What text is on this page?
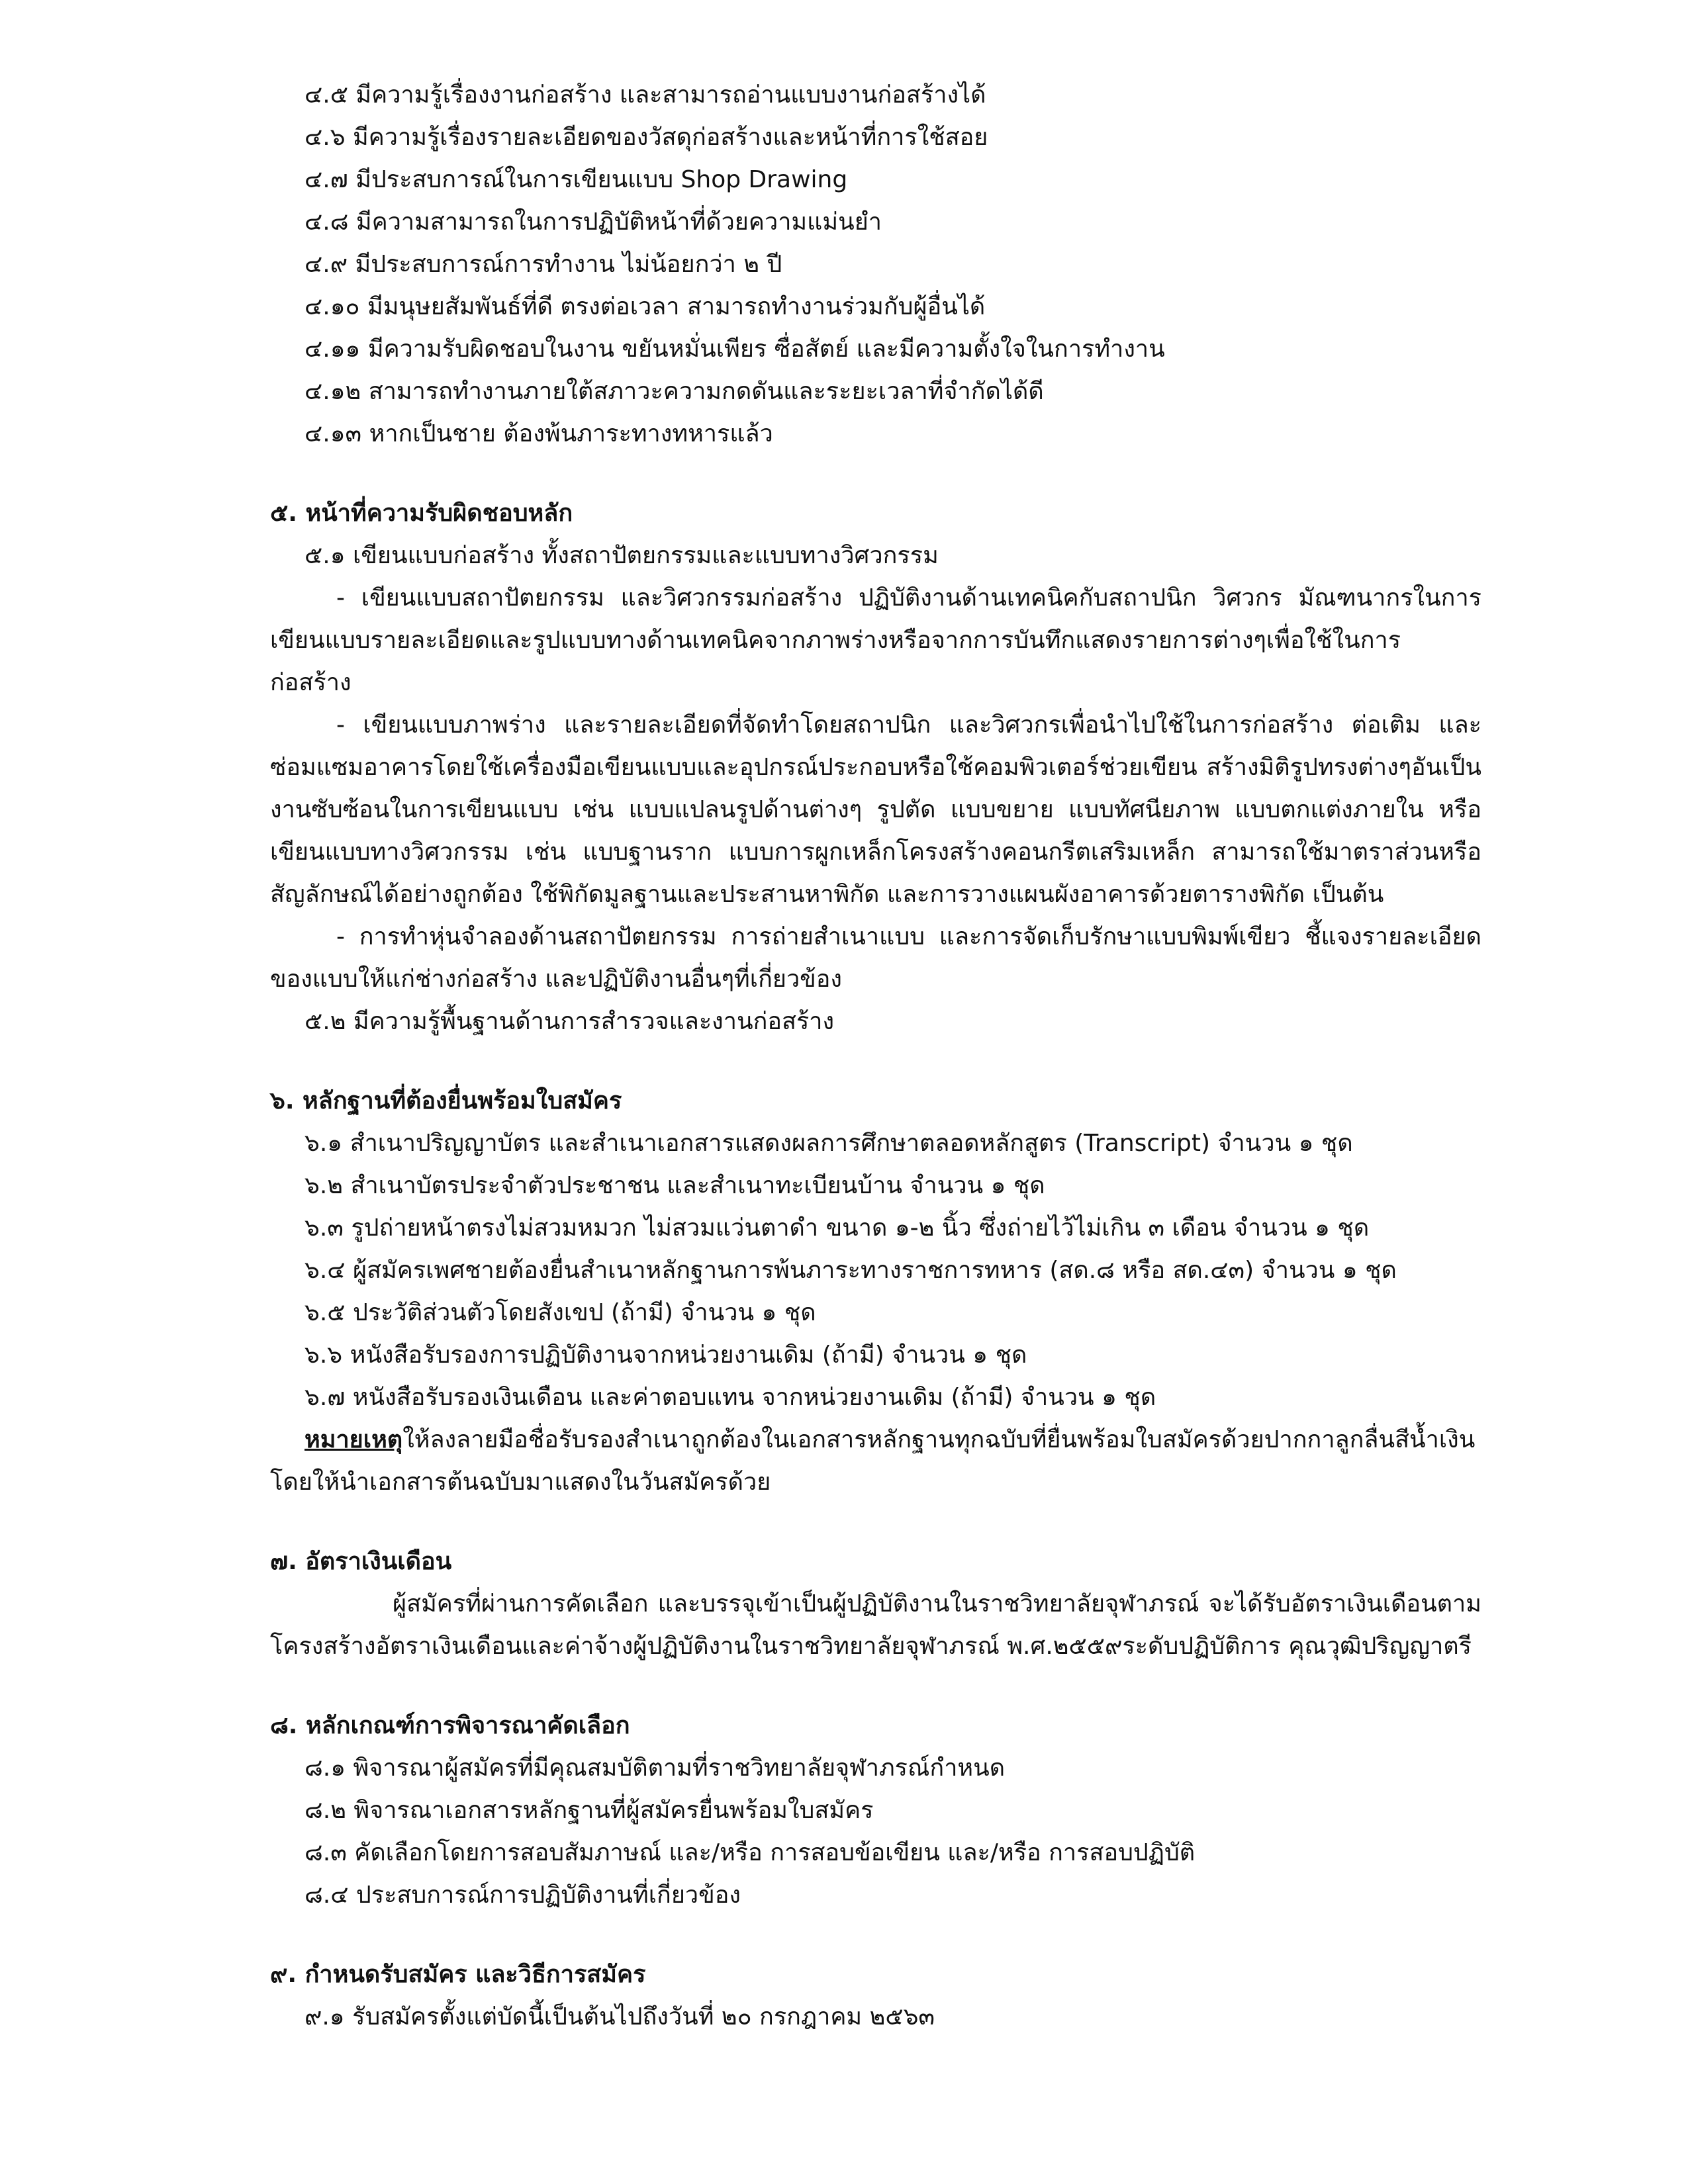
๔.๕ มีความรู้เรื่องงานก่อสร้าง และสามารถอ่านแบบงานก่อสร้างได้
๔.๖ มีความรู้เรื่องรายละเอียดของวัสดุก่อสร้างและหน้าที่การใช้สอย
๔.๗ มีประสบการณ์ในการเขียนแบบ Shop Drawing
๔.๘ มีความสามารถในการปฏิบัติหน้าที่ด้วยความแม่นยำ
๔.๙ มีประสบการณ์การทำงาน ไม่น้อยกว่า ๒ ปี
๔.๑๐ มีมนุษยสัมพันธ์ที่ดี ตรงต่อเวลา สามารถทำงานร่วมกับผู้อื่นได้
๔.๑๑ มีความรับผิดชอบในงาน ขยันหมั่นเพียร ซื่อสัตย์ และมีความตั้งใจในการทำงาน
๔.๑๒ สามารถทำงานภายใต้สภาวะความกดดันและระยะเวลาที่จำกัดได้ดี
๔.๑๓ หากเป็นชาย ต้องพ้นภาระทางทหารแล้ว
๕. หน้าที่ความรับผิดชอบหลัก
๕.๑ เขียนแบบก่อสร้าง ทั้งสถาปัตยกรรมและแบบทางวิศวกรรม
- เขียนแบบสถาปัตยกรรม และวิศวกรรมก่อสร้าง ปฏิบัติงานด้านเทคนิคกับสถาปนิก วิศวกร มัณฑนากรในการเขียนแบบรายละเอียดและรูปแบบทางด้านเทคนิคจากภาพร่างหรือจากการบันทึกแสดงรายการต่างๆเพื่อใช้ในการก่อสร้าง
- เขียนแบบภาพร่าง และรายละเอียดที่จัดทำโดยสถาปนิก และวิศวกรเพื่อนำไปใช้ในการก่อสร้าง ต่อเติม และซ่อมแซมอาคารโดยใช้เครื่องมือเขียนแบบและอุปกรณ์ประกอบหรือใช้คอมพิวเตอร์ช่วยเขียน สร้างมิติรูปทรงต่างๆอันเป็นงานซับซ้อนในการเขียนแบบ เช่น แบบแปลนรูปด้านต่างๆ รูปตัด แบบขยาย แบบทัศนียภาพ แบบตกแต่งภายใน หรือเขียนแบบทางวิศวกรรม เช่น แบบฐานราก แบบการผูกเหล็กโครงสร้างคอนกรีตเสริมเหล็ก สามารถใช้มาตราส่วนหรือสัญลักษณ์ได้อย่างถูกต้อง ใช้พิกัดมูลฐานและประสานหาพิกัด และการวางแผนผังอาคารด้วยตารางพิกัด เป็นต้น
- การทำหุ่นจำลองด้านสถาปัตยกรรม การถ่ายสำเนาแบบ และการจัดเก็บรักษาแบบพิมพ์เขียว ชี้แจงรายละเอียดของแบบให้แก่ช่างก่อสร้าง และปฏิบัติงานอื่นๆที่เกี่ยวข้อง
๕.๒ มีความรู้พื้นฐานด้านการสำรวจและงานก่อสร้าง
๖. หลักฐานที่ต้องยื่นพร้อมใบสมัคร
๖.๑ สำเนาปริญญาบัตร และสำเนาเอกสารแสดงผลการศึกษาตลอดหลักสูตร (Transcript) จำนวน ๑ ชุด
๖.๒ สำเนาบัตรประจำตัวประชาชน และสำเนาทะเบียนบ้าน จำนวน ๑ ชุด
๖.๓ รูปถ่ายหน้าตรงไม่สวมหมวก ไม่สวมแว่นตาดำ ขนาด ๑-๒ นิ้ว ซึ่งถ่ายไว้ไม่เกิน ๓ เดือน จำนวน ๑ ชุด
๖.๔ ผู้สมัครเพศชายต้องยื่นสำเนาหลักฐานการพ้นภาระทางราชการทหาร (สด.๘ หรือ สด.๔๓) จำนวน ๑ ชุด
๖.๕ ประวัติส่วนตัวโดยสังเขป (ถ้ามี) จำนวน ๑ ชุด
๖.๖ หนังสือรับรองการปฏิบัติงานจากหน่วยงานเดิม (ถ้ามี) จำนวน ๑ ชุด
๖.๗ หนังสือรับรองเงินเดือน และค่าตอบแทน จากหน่วยงานเดิม (ถ้ามี) จำนวน ๑ ชุด
หมายเหตุให้ลงลายมือชื่อรับรองสำเนาถูกต้องในเอกสารหลักฐานทุกฉบับที่ยื่นพร้อมใบสมัครด้วยปากกาลูกลื่นสีน้ำเงินโดยให้นำเอกสารต้นฉบับมาแสดงในวันสมัครด้วย
๗. อัตราเงินเดือน
ผู้สมัครที่ผ่านการคัดเลือก และบรรจุเข้าเป็นผู้ปฏิบัติงานในราชวิทยาลัยจุฬาภรณ์ จะได้รับอัตราเงินเดือนตามโครงสร้างอัตราเงินเดือนและค่าจ้างผู้ปฏิบัติงานในราชวิทยาลัยจุฬาภรณ์ พ.ศ.๒๕๕๙ระดับปฏิบัติการ คุณวุฒิปริญญาตรี
๘. หลักเกณฑ์การพิจารณาคัดเลือก
๘.๑ พิจารณาผู้สมัครที่มีคุณสมบัติตามที่ราชวิทยาลัยจุฬาภรณ์กำหนด
๘.๒ พิจารณาเอกสารหลักฐานที่ผู้สมัครยื่นพร้อมใบสมัคร
๘.๓ คัดเลือกโดยการสอบสัมภาษณ์ และ/หรือ การสอบข้อเขียน และ/หรือ การสอบปฏิบัติ
๘.๔ ประสบการณ์การปฏิบัติงานที่เกี่ยวข้อง
๙. กำหนดรับสมัคร และวิธีการสมัคร
๙.๑ รับสมัครตั้งแต่บัดนี้เป็นต้นไปถึงวันที่ ๒๐ กรกฎาคม ๒๕๖๓
